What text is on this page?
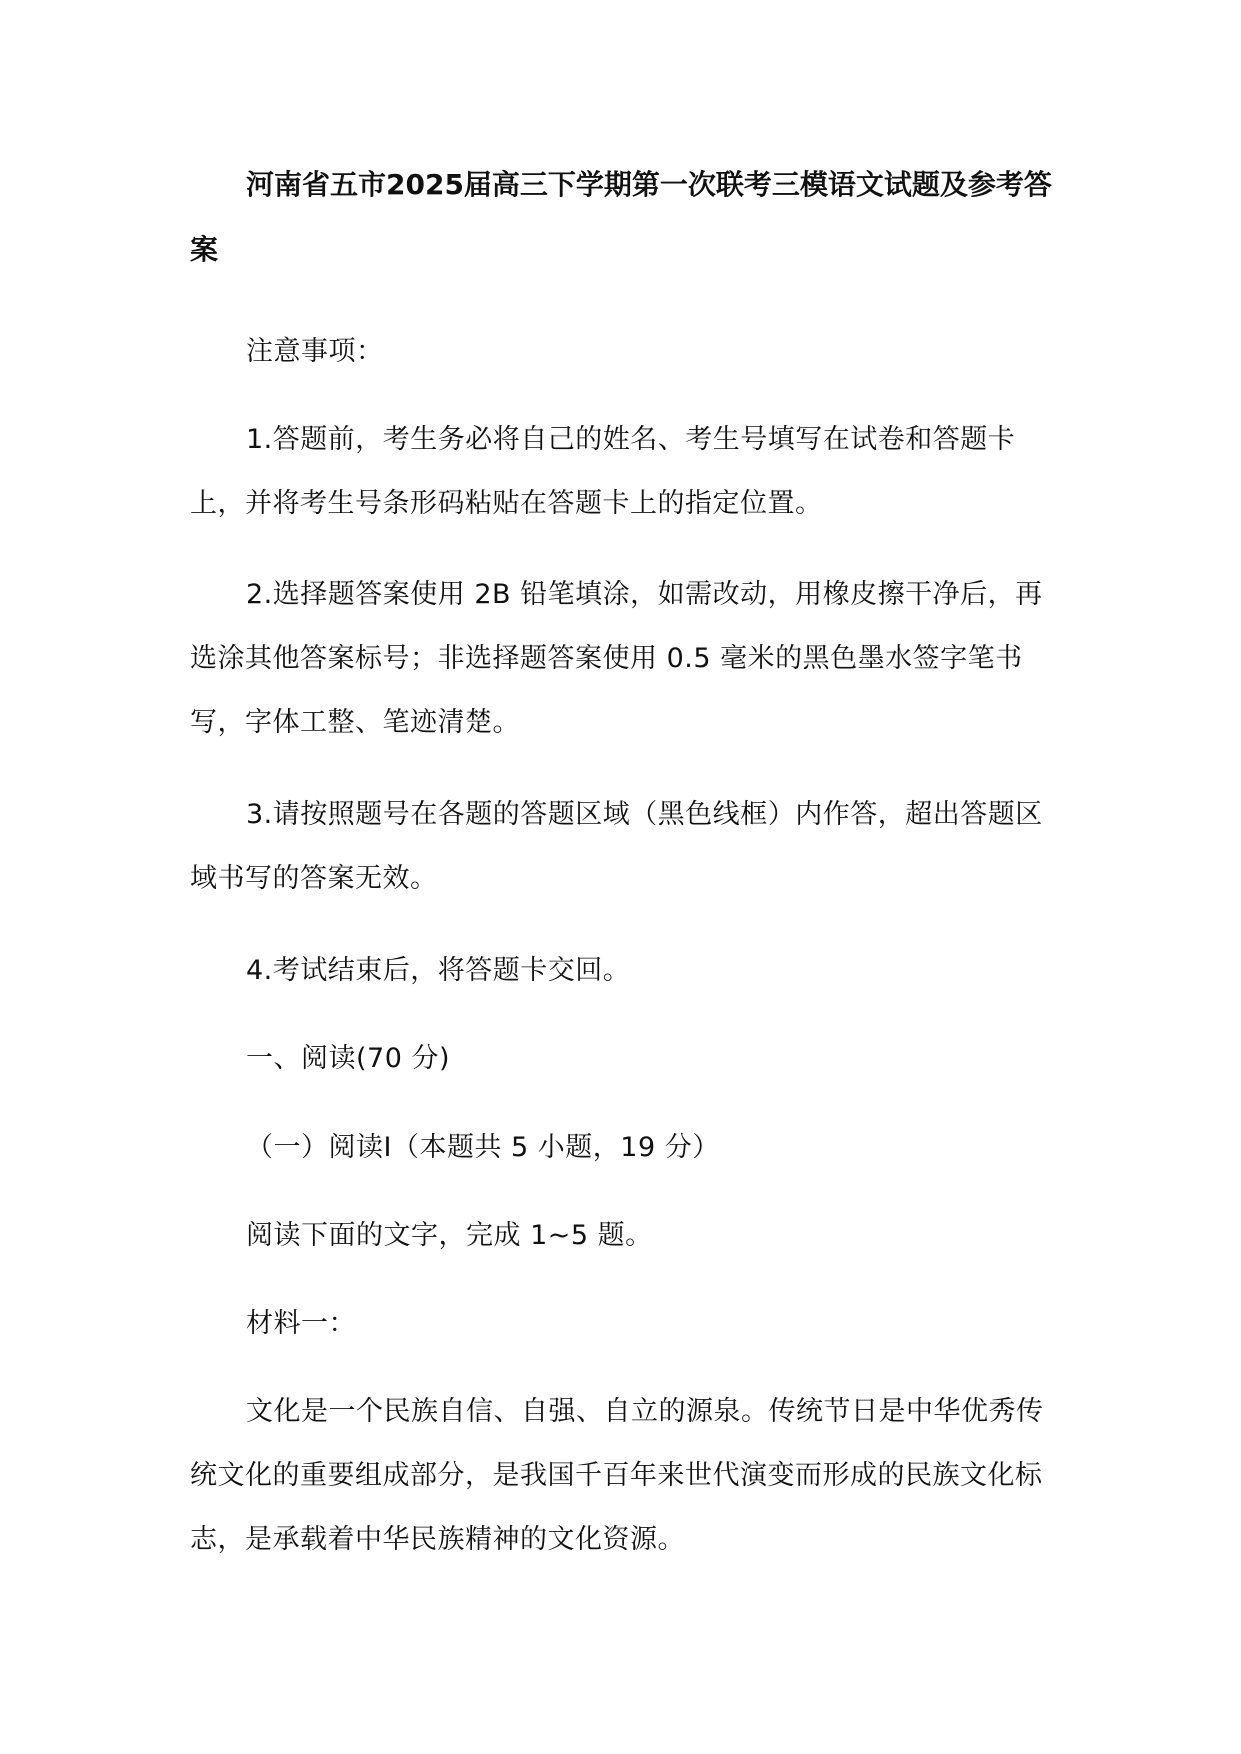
河南省五市2025届高三下学期第一次联考三模语文试题及参考答案

注意事项：

1.答题前，考生务必将自己的姓名、考生号填写在试卷和答题卡上，并将考生号条形码粘贴在答题卡上的指定位置。

2.选择题答案使用 2B 铅笔填涂，如需改动，用橡皮擦干净后，再选涂其他答案标号；非选择题答案使用 0.5 毫米的黑色墨水签字笔书写，字体工整、笔迹清楚。

3.请按照题号在各题的答题区域（黑色线框）内作答，超出答题区域书写的答案无效。

4.考试结束后，将答题卡交回。

一、阅读(70 分)

（一）阅读Ⅰ（本题共 5 小题，19 分）

阅读下面的文字，完成 1~5 题。

材料一：

文化是一个民族自信、自强、自立的源泉。传统节日是中华优秀传统文化的重要组成部分，是我国千百年来世代演变而形成的民族文化标志，是承载着中华民族精神的文化资源。
